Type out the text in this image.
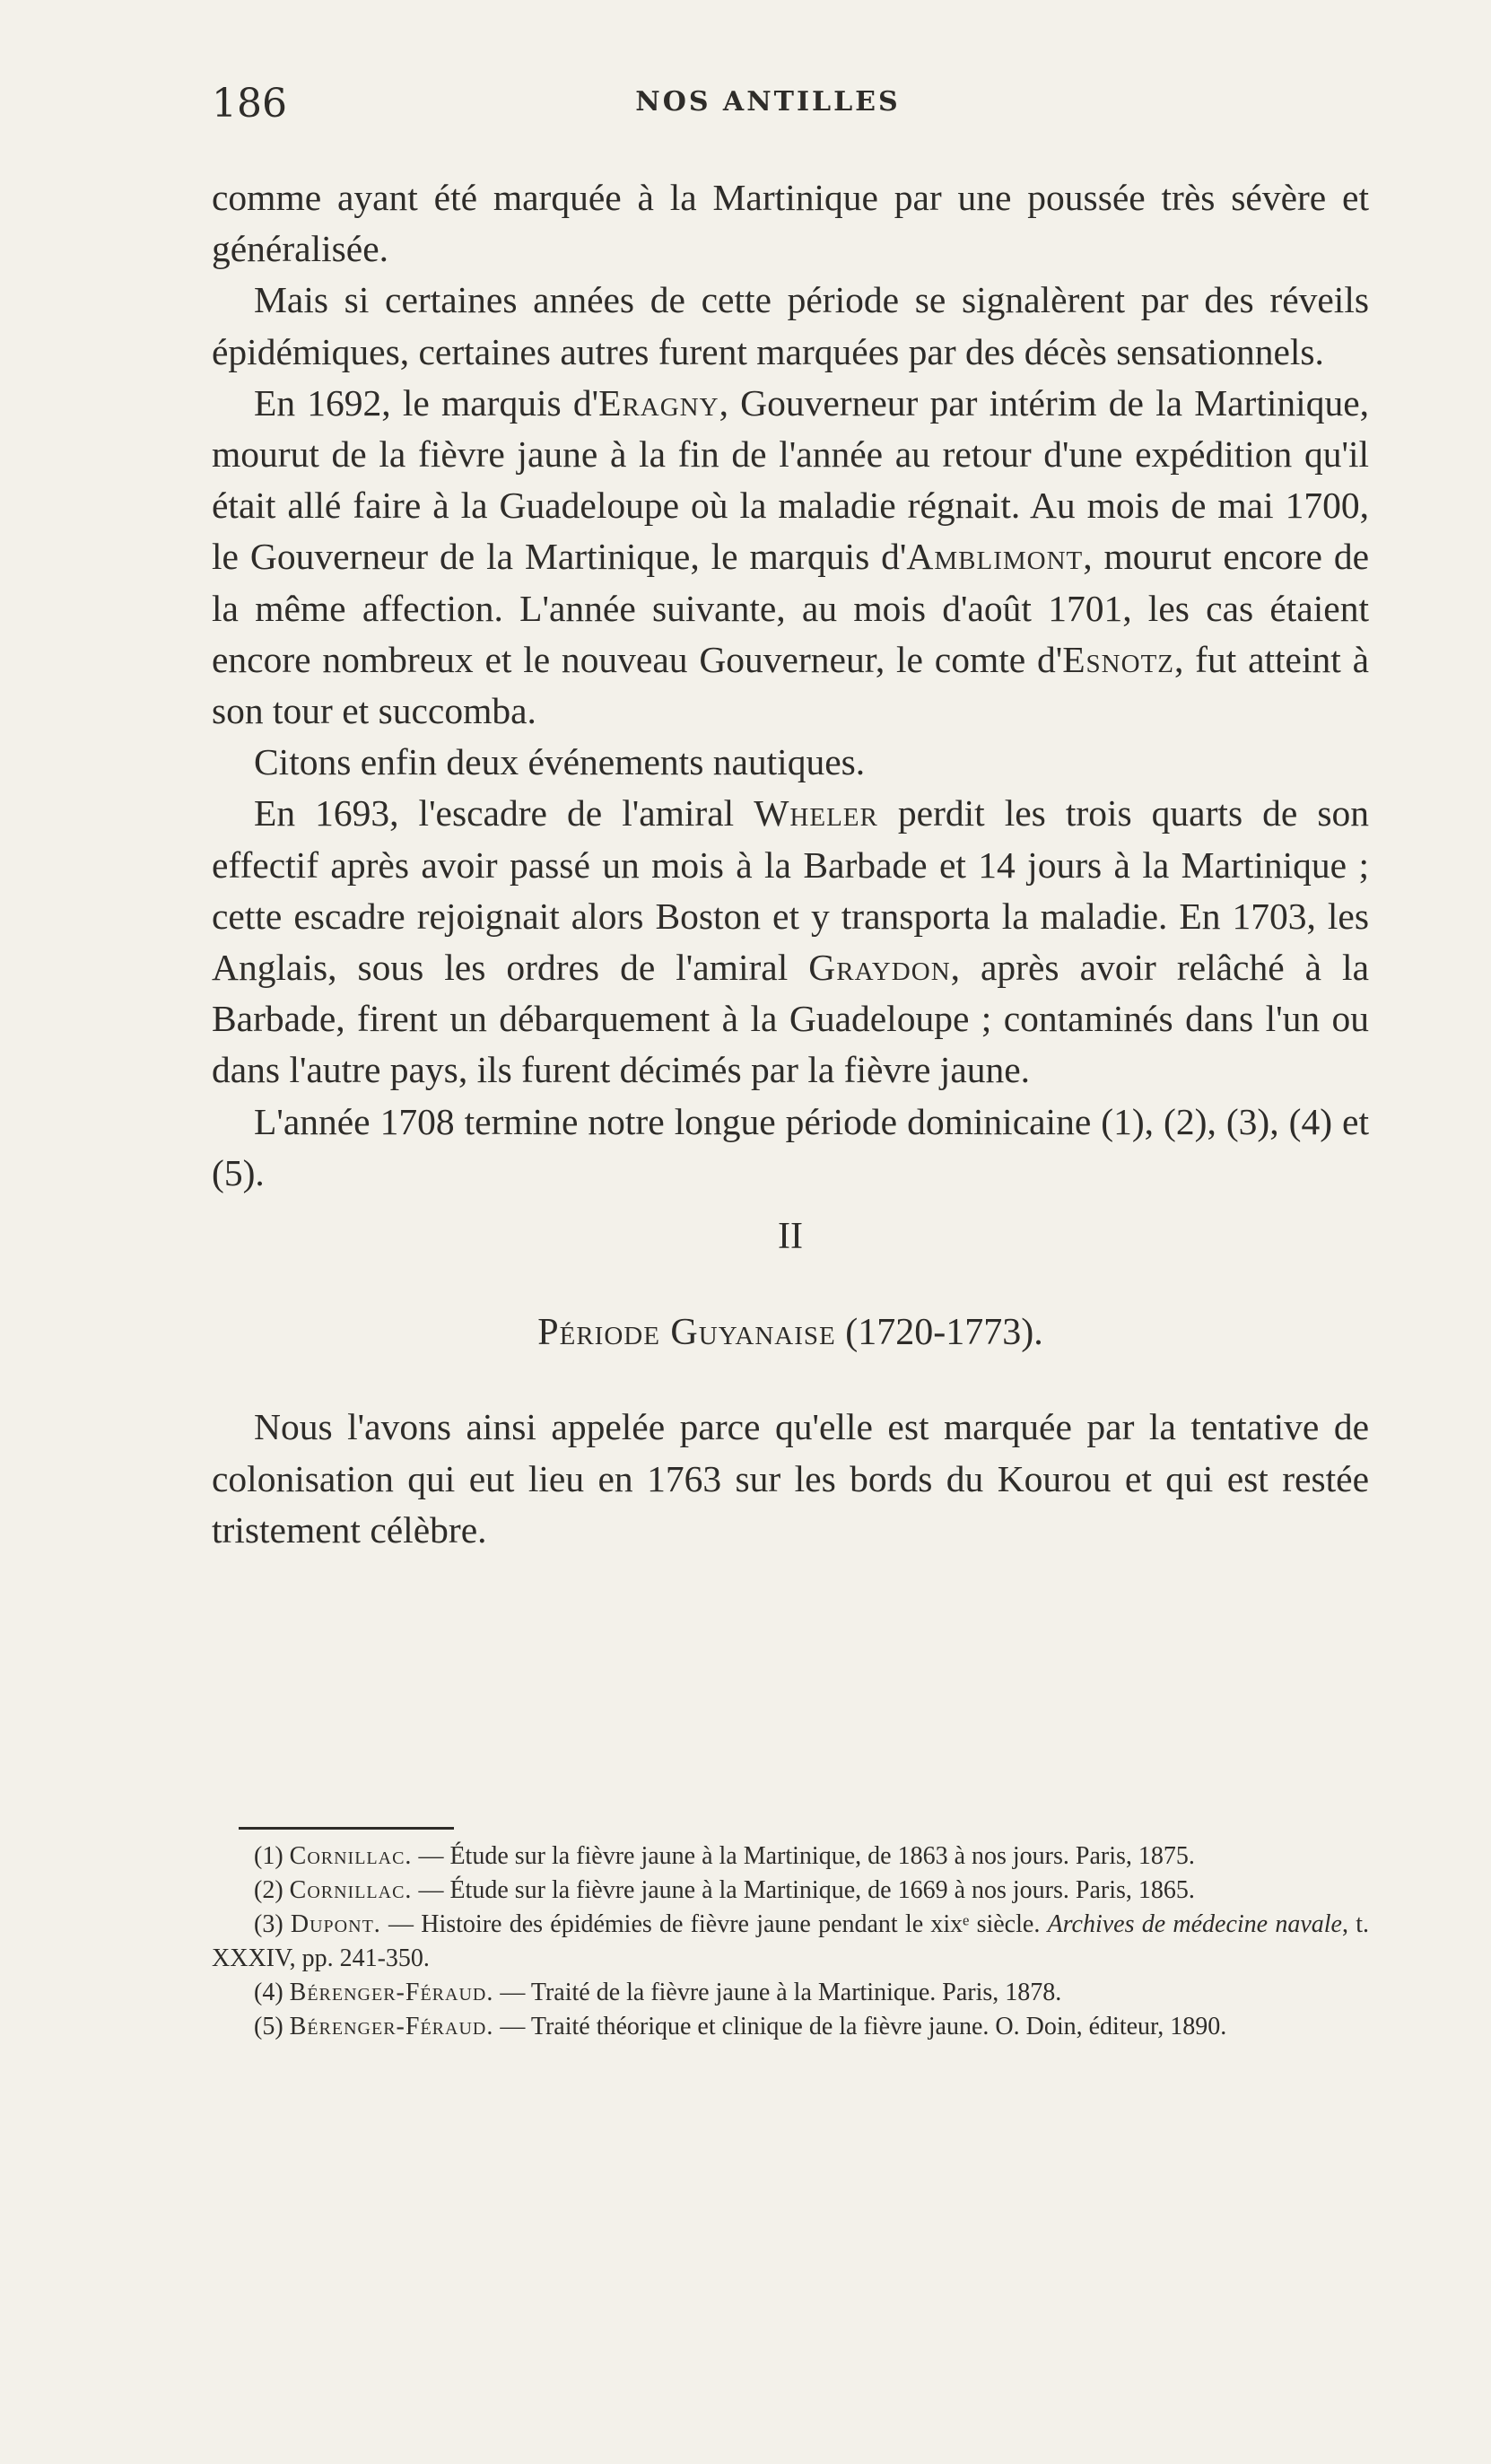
186	NOS ANTILLES

comme ayant été marquée à la Martinique par une poussée très sévère et généralisée.

Mais si certaines années de cette période se signalèrent par des réveils épidémiques, certaines autres furent marquées par des décès sensationnels.

En 1692, le marquis d'Eragny, Gouverneur par intérim de la Martinique, mourut de la fièvre jaune à la fin de l'année au retour d'une expédition qu'il était allé faire à la Guadeloupe où la maladie régnait. Au mois de mai 1700, le Gouverneur de la Martinique, le marquis d'Amblimont, mourut encore de la même affection. L'année suivante, au mois d'août 1701, les cas étaient encore nombreux et le nouveau Gouverneur, le comte d'Esnotz, fut atteint à son tour et succomba.

Citons enfin deux événements nautiques.

En 1693, l'escadre de l'amiral Wheler perdit les trois quarts de son effectif après avoir passé un mois à la Barbade et 14 jours à la Martinique ; cette escadre rejoignait alors Boston et y transporta la maladie. En 1703, les Anglais, sous les ordres de l'amiral Graydon, après avoir relâché à la Barbade, firent un débarquement à la Guadeloupe ; contaminés dans l'un ou dans l'autre pays, ils furent décimés par la fièvre jaune.

L'année 1708 termine notre longue période dominicaine (1), (2), (3), (4) et (5).

II

Période Guyanaise (1720-1773).

Nous l'avons ainsi appelée parce qu'elle est marquée par la tentative de colonisation qui eut lieu en 1763 sur les bords du Kourou et qui est restée tristement célèbre.

(1) Cornillac. — Étude sur la fièvre jaune à la Martinique, de 1863 à nos jours. Paris, 1875.

(2) Cornillac. — Étude sur la fièvre jaune à la Martinique, de 1669 à nos jours. Paris, 1865.

(3) Dupont. — Histoire des épidémies de fièvre jaune pendant le xixᵉ siècle. Archives de médecine navale, t. XXXIV, pp. 241-350.

(4) Bérenger-Féraud. — Traité de la fièvre jaune à la Martinique. Paris, 1878.

(5) Bérenger-Féraud. — Traité théorique et clinique de la fièvre jaune. O. Doin, éditeur, 1890.
